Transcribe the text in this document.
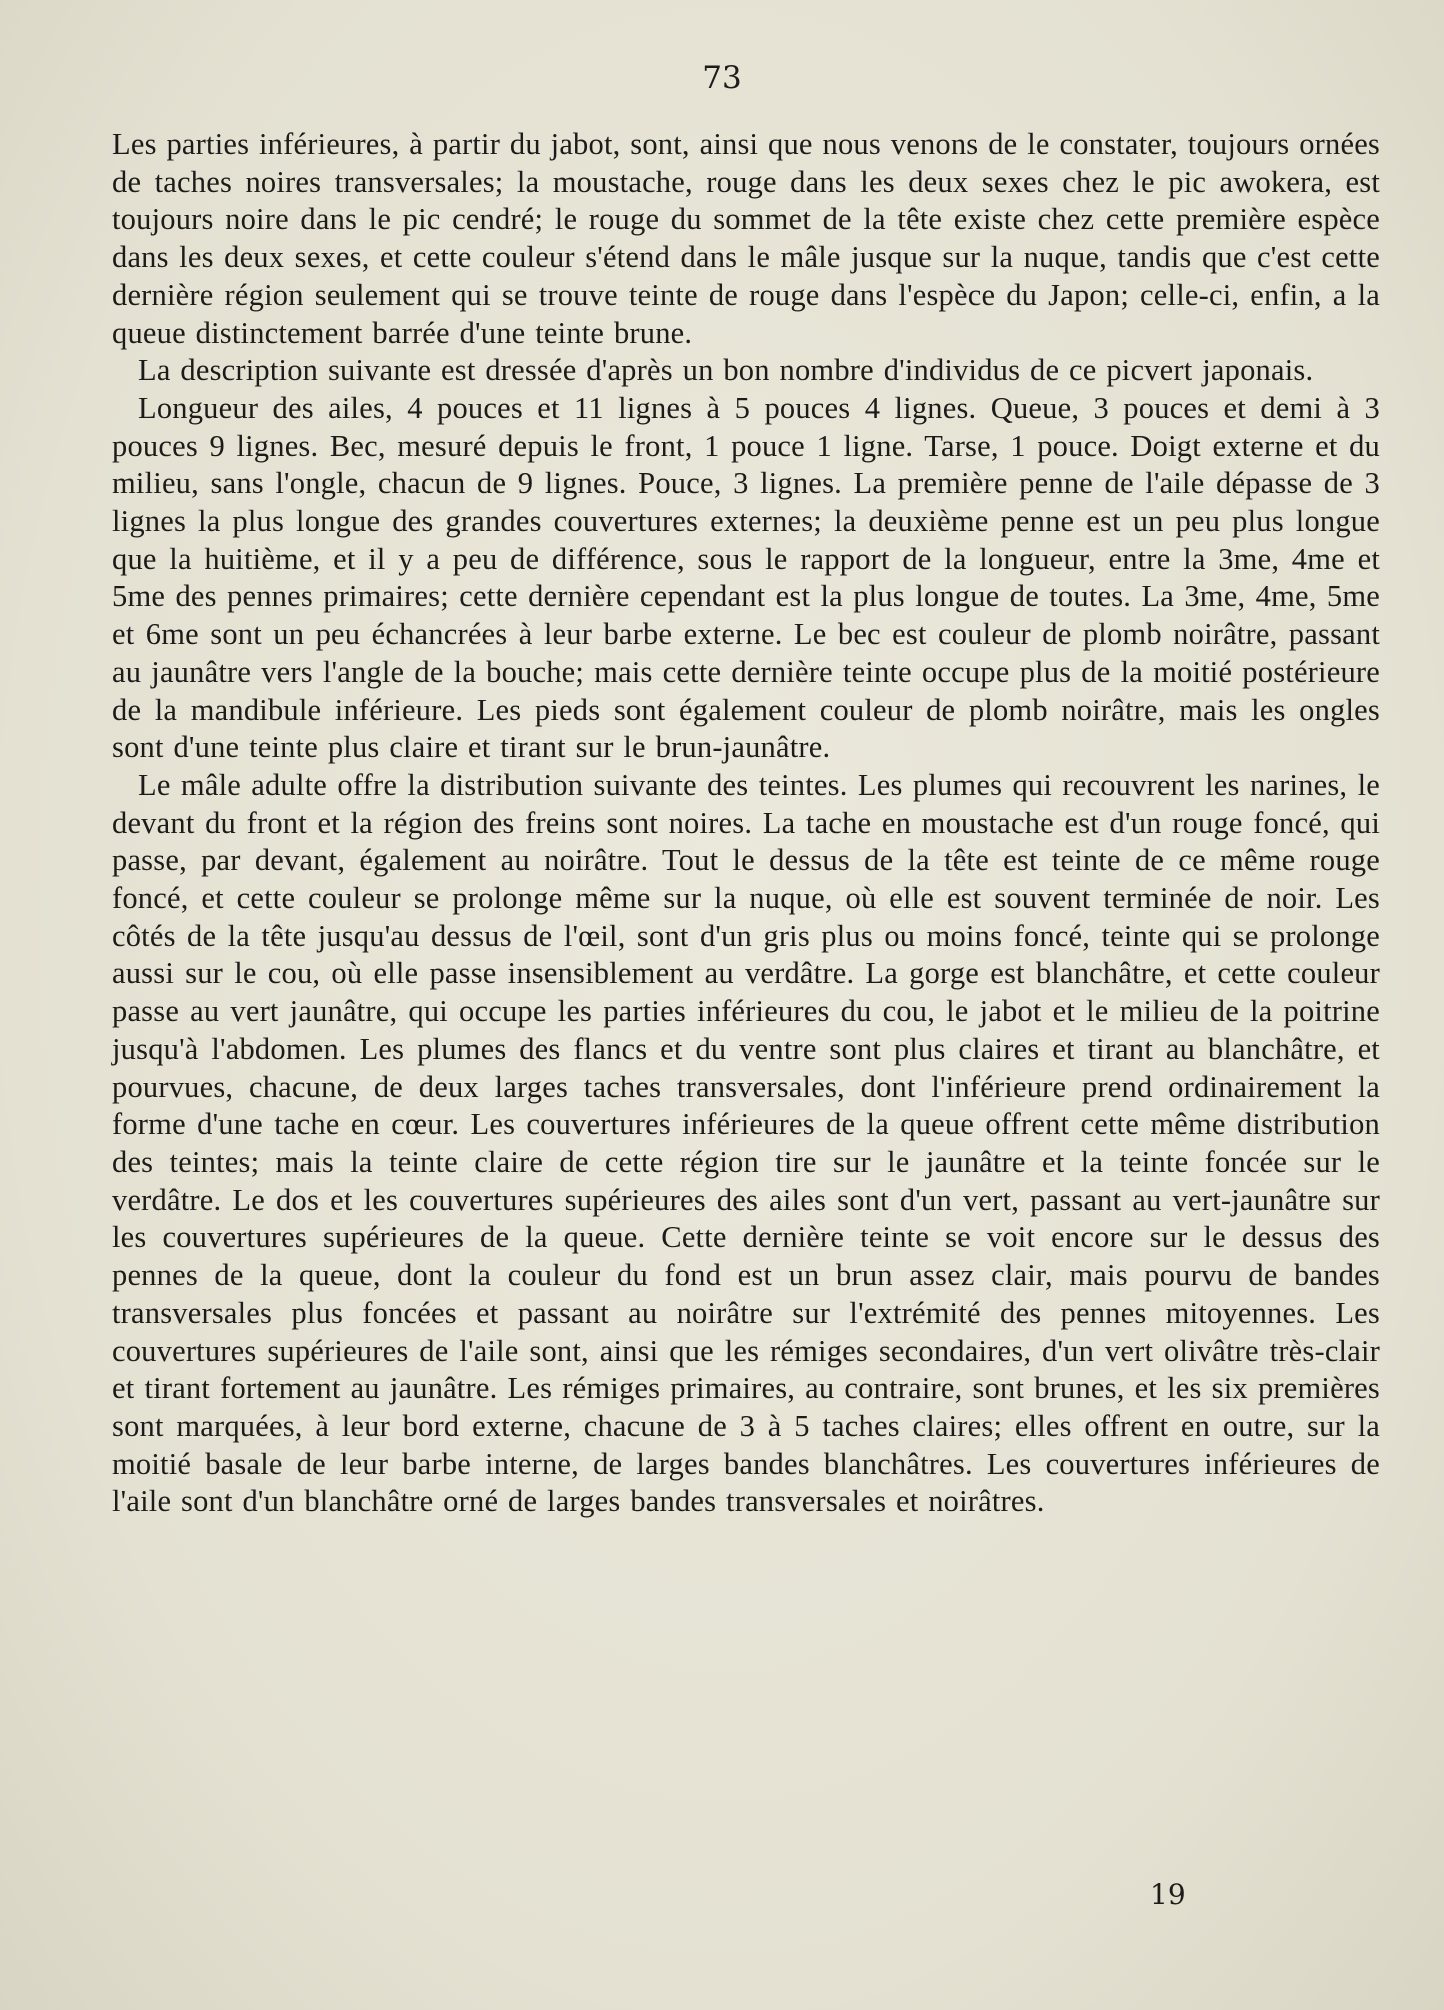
73

Les parties inférieures, à partir du jabot, sont, ainsi que nous venons de le constater, toujours ornées de taches noires transversales; la moustache, rouge dans les deux sexes chez le pic awokera, est toujours noire dans le pic cendré; le rouge du sommet de la tête existe chez cette première espèce dans les deux sexes, et cette couleur s'étend dans le mâle jusque sur la nuque, tandis que c'est cette dernière région seulement qui se trouve teinte de rouge dans l'espèce du Japon; celle-ci, enfin, a la queue distinctement barrée d'une teinte brune.

La description suivante est dressée d'après un bon nombre d'individus de ce picvert japonais.

Longueur des ailes, 4 pouces et 11 lignes à 5 pouces 4 lignes. Queue, 3 pouces et demi à 3 pouces 9 lignes. Bec, mesuré depuis le front, 1 pouce 1 ligne. Tarse, 1 pouce. Doigt externe et du milieu, sans l'ongle, chacun de 9 lignes. Pouce, 3 lignes. La première penne de l'aile dépasse de 3 lignes la plus longue des grandes couvertures externes; la deuxième penne est un peu plus longue que la huitième, et il y a peu de différence, sous le rapport de la longueur, entre la 3me, 4me et 5me des pennes primaires; cette dernière cependant est la plus longue de toutes. La 3me, 4me, 5me et 6me sont un peu échancrées à leur barbe externe. Le bec est couleur de plomb noirâtre, passant au jaunâtre vers l'angle de la bouche; mais cette dernière teinte occupe plus de la moitié postérieure de la mandibule inférieure. Les pieds sont également couleur de plomb noirâtre, mais les ongles sont d'une teinte plus claire et tirant sur le brun-jaunâtre.

Le mâle adulte offre la distribution suivante des teintes. Les plumes qui recouvrent les narines, le devant du front et la région des freins sont noires. La tache en moustache est d'un rouge foncé, qui passe, par devant, également au noirâtre. Tout le dessus de la tête est teinte de ce même rouge foncé, et cette couleur se prolonge même sur la nuque, où elle est souvent terminée de noir. Les côtés de la tête jusqu'au dessus de l'œil, sont d'un gris plus ou moins foncé, teinte qui se prolonge aussi sur le cou, où elle passe insensiblement au verdâtre. La gorge est blanchâtre, et cette couleur passe au vert jaunâtre, qui occupe les parties inférieures du cou, le jabot et le milieu de la poitrine jusqu'à l'abdomen. Les plumes des flancs et du ventre sont plus claires et tirant au blanchâtre, et pourvues, chacune, de deux larges taches transversales, dont l'inférieure prend ordinairement la forme d'une tache en cœur. Les couvertures inférieures de la queue offrent cette même distribution des teintes; mais la teinte claire de cette région tire sur le jaunâtre et la teinte foncée sur le verdâtre. Le dos et les couvertures supérieures des ailes sont d'un vert, passant au vert-jaunâtre sur les couvertures supérieures de la queue. Cette dernière teinte se voit encore sur le dessus des pennes de la queue, dont la couleur du fond est un brun assez clair, mais pourvu de bandes transversales plus foncées et passant au noirâtre sur l'extrémité des pennes mitoyennes. Les couvertures supérieures de l'aile sont, ainsi que les rémiges secondaires, d'un vert olivâtre très-clair et tirant fortement au jaunâtre. Les rémiges primaires, au contraire, sont brunes, et les six premières sont marquées, à leur bord externe, chacune de 3 à 5 taches claires; elles offrent en outre, sur la moitié basale de leur barbe interne, de larges bandes blanchâtres. Les couvertures inférieures de l'aile sont d'un blanchâtre orné de larges bandes transversales et noirâtres.

19
